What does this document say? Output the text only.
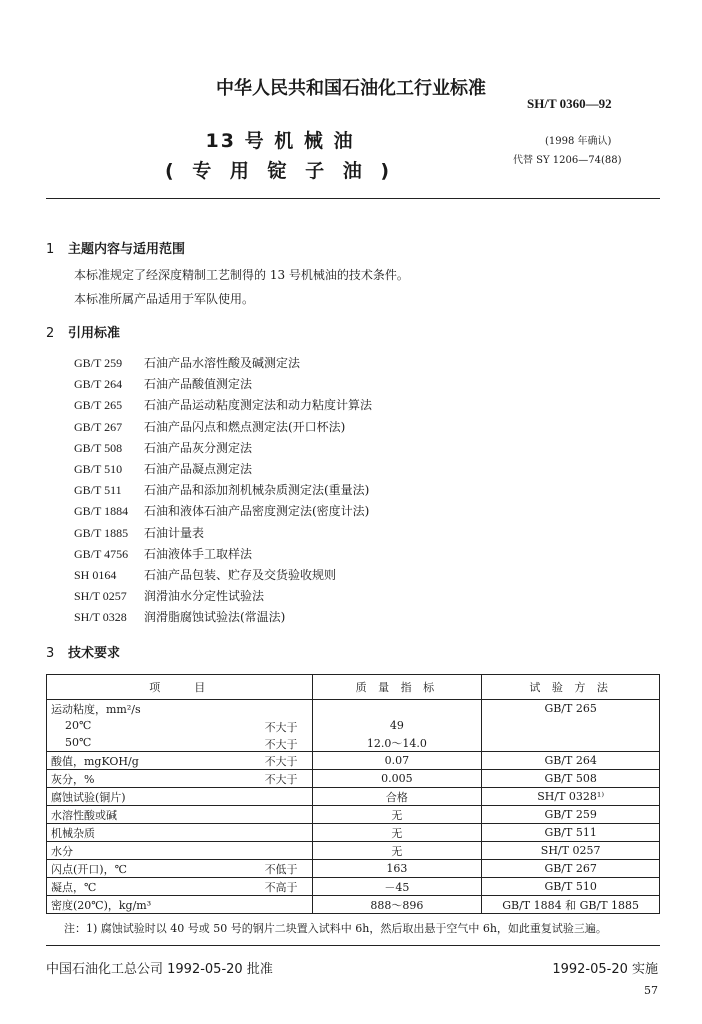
中华人民共和国石油化工行业标准
SH/T 0360—92
13 号 机 械 油
( 专 用 锭 子 油 )
(1998 年确认)
代替 SY 1206—74(88)
1 主题内容与适用范围
本标准规定了经深度精制工艺制得的 13 号机械油的技术条件。
本标准所属产品适用于军队使用。
2 引用标准
GB/T 259 石油产品水溶性酸及碱测定法
GB/T 264 石油产品酸值测定法
GB/T 265 石油产品运动粘度测定法和动力粘度计算法
GB/T 267 石油产品闪点和燃点测定法(开口杯法)
GB/T 508 石油产品灰分测定法
GB/T 510 石油产品凝点测定法
GB/T 511 石油产品和添加剂机械杂质测定法(重量法)
GB/T 1884 石油和液体石油产品密度测定法(密度计法)
GB/T 1885 石油计量表
GB/T 4756 石油液体手工取样法
SH 0164 石油产品包装、贮存及交货验收规则
SH/T 0257 润滑油水分定性试验法
SH/T 0328 润滑脂腐蚀试验法(常温法)
3 技术要求
项　　目	质 量 指 标	试 验 方 法

运动粘度，mm²/s		GB/T 265

20℃ 不大于	49	

50℃ 不大于	12.0～14.0	

酸值，mgKOH/g 不大于	0.07	GB/T 264

灰分，% 不大于	0.005	GB/T 508

腐蚀试验(铜片)	合格	SH/T 0328¹⁾

水溶性酸或碱	无	GB/T 259

机械杂质	无	GB/T 511

水分	无	SH/T 0257

闪点(开口)，℃ 不低于	163	GB/T 267

凝点，℃ 不高于	－45	GB/T 510

密度(20℃)，kg/m³	888～896	GB/T 1884 和 GB/T 1885
注：1) 腐蚀试验时以 40 号或 50 号的钢片二块置入试料中 6h，然后取出悬于空气中 6h，如此重复试验三遍。
中国石油化工总公司 1992-05-20 批准	1992-05-20 实施
57
